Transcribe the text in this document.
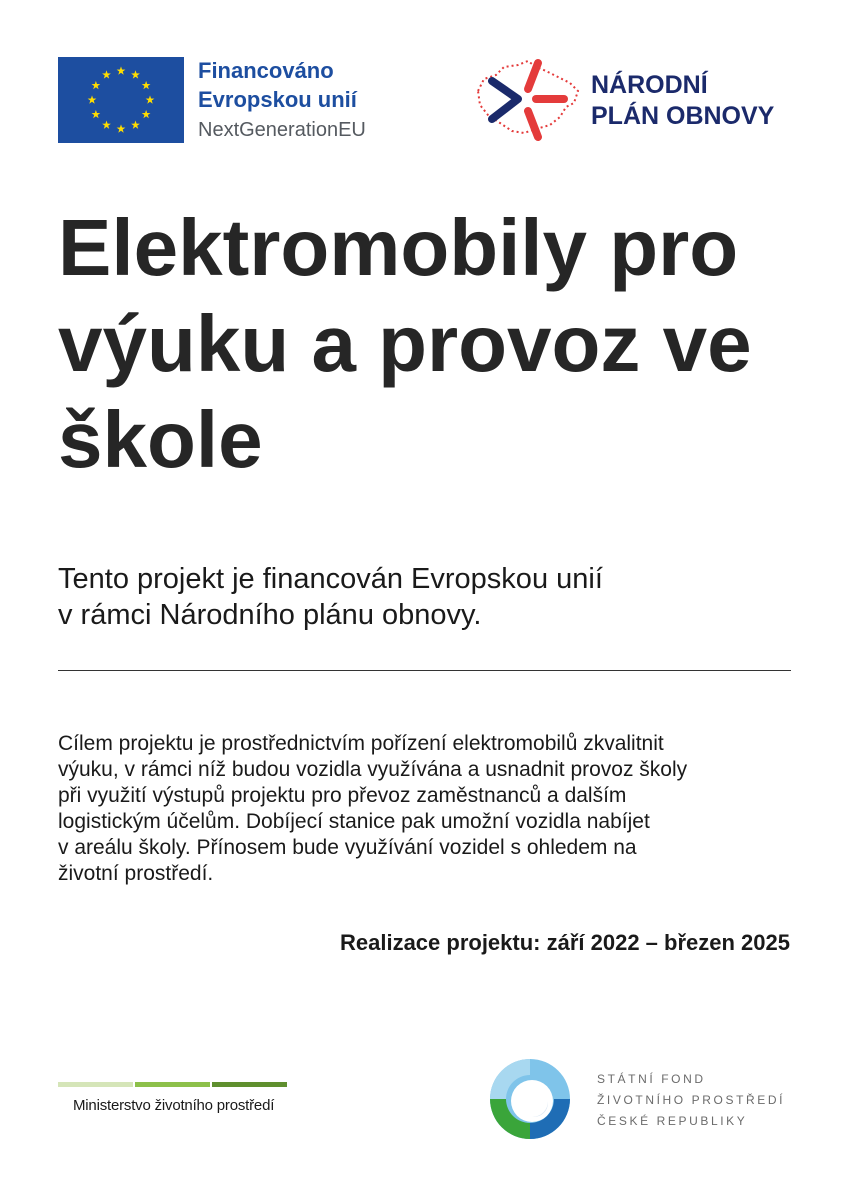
Financováno
Evropskou unií
NextGenerationEU
NÁRODNÍ
PLÁN OBNOVY
Elektromobily pro
výuku a provoz ve
škole
Tento projekt je financován Evropskou unií
v rámci Národního plánu obnovy.
Cílem projektu je prostřednictvím pořízení elektromobilů zkvalitnit
výuku, v rámci níž budou vozidla využívána a usnadnit provoz školy
při využití výstupů projektu pro převoz zaměstnanců a dalším
logistickým účelům. Dobíjecí stanice pak umožní vozidla nabíjet
v areálu školy. Přínosem bude využívání vozidel s ohledem na
životní prostředí.
Realizace projektu: září 2022 – březen 2025
Ministerstvo životního prostředí
STÁTNÍ FOND
ŽIVOTNÍHO PROSTŘEDÍ
ČESKÉ REPUBLIKY
